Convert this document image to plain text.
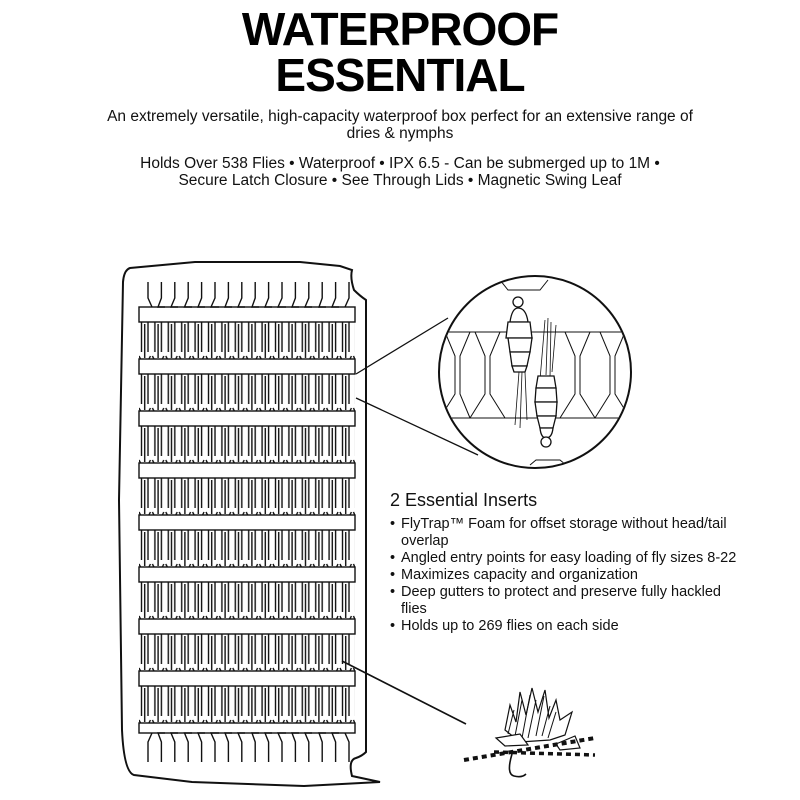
WATERPROOF
ESSENTIAL
An extremely versatile, high-capacity waterproof box perfect for an extensive range of dries & nymphs
Holds Over 538 Flies • Waterproof • IPX 6.5 - Can be submerged up to 1M •
Secure Latch Closure • See Through Lids • Magnetic Swing Leaf
2 Essential Inserts
• FlyTrap™ Foam for offset storage without head/tail overlap
• Angled entry points for easy loading of fly sizes 8-22
• Maximizes capacity and organization
• Deep gutters to protect and preserve fully hackled flies
• Holds up to 269 flies on each side
